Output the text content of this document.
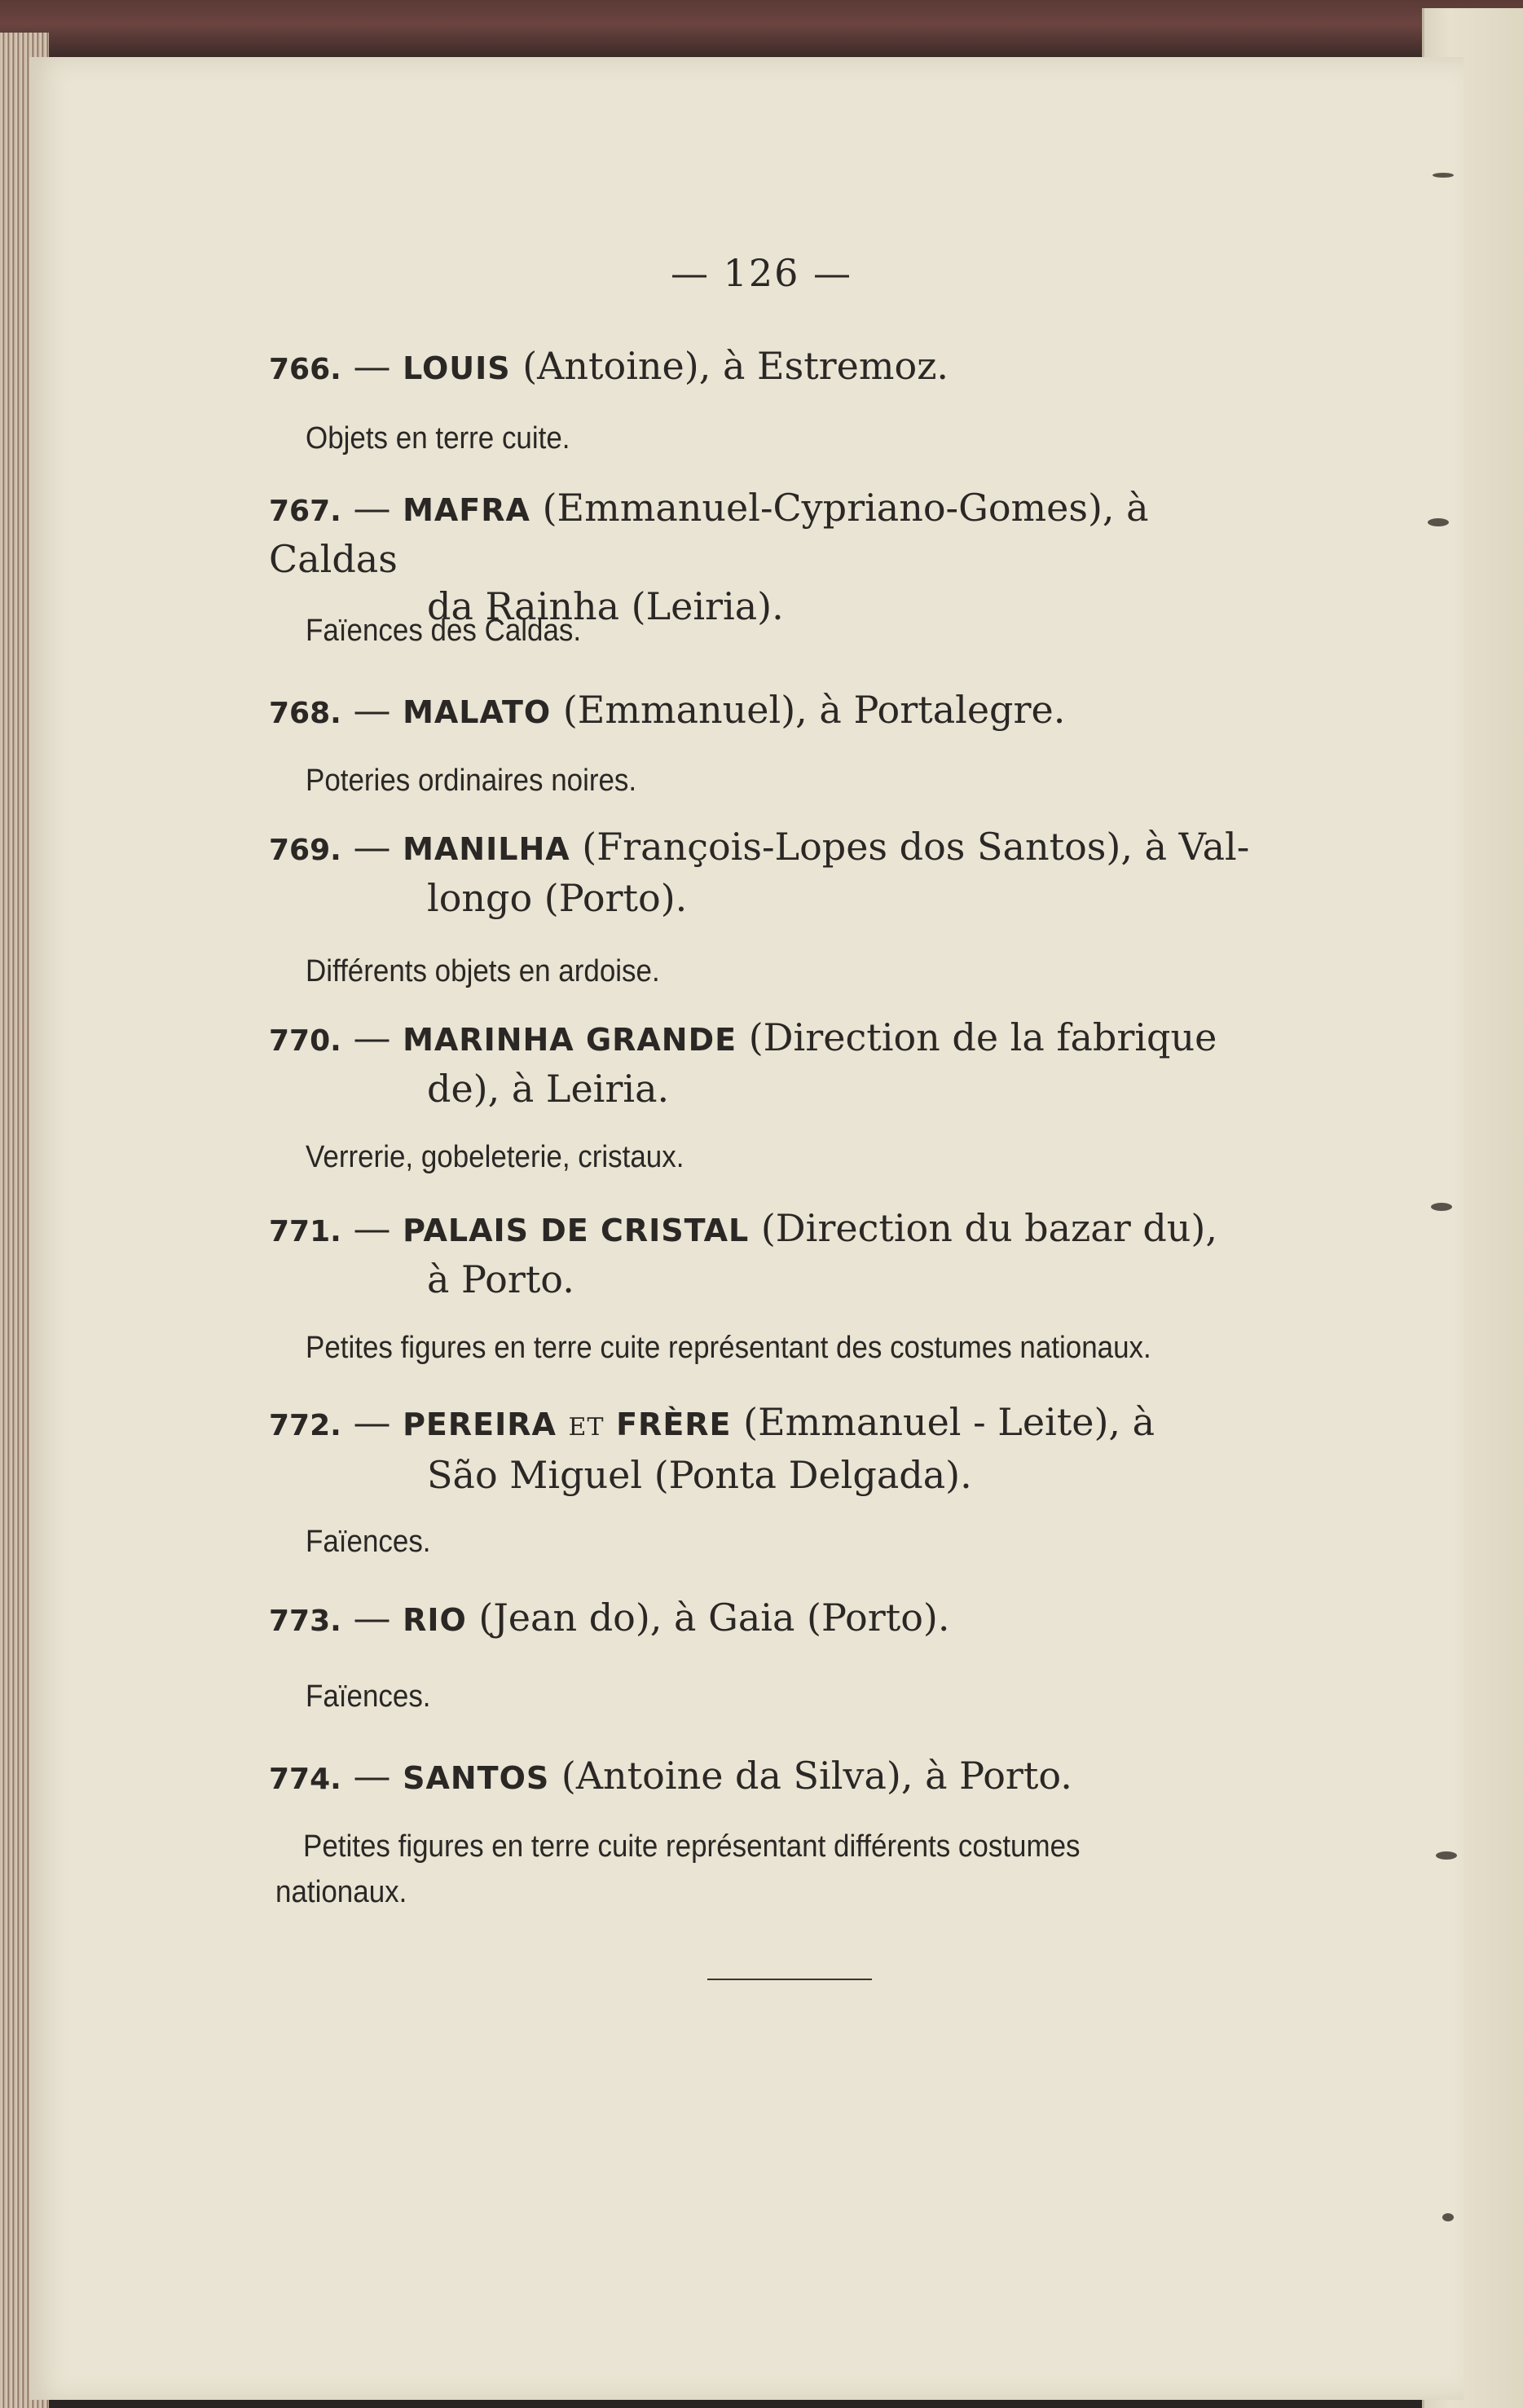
— 126 —
766. — LOUIS (Antoine), à Estremoz.
Objets en terre cuite.
767. — MAFRA (Emmanuel-Cypriano-Gomes), à Caldas
da Rainha (Leiria).
Faïences des Caldas.
768. — MALATO (Emmanuel), à Portalegre.
Poteries ordinaires noires.
769. — MANILHA (François-Lopes dos Santos), à Val-
longo (Porto).
Différents objets en ardoise.
770. — MARINHA GRANDE (Direction de la fabrique
de), à Leiria.
Verrerie, gobeleterie, cristaux.
771. — PALAIS DE CRISTAL (Direction du bazar du),
à Porto.
Petites figures en terre cuite représentant des costumes nationaux.
772. — PEREIRA ET FRÈRE (Emmanuel - Leite), à
São Miguel (Ponta Delgada).
Faïences.
773. — RIO (Jean do), à Gaia (Porto).
Faïences.
774. — SANTOS (Antoine da Silva), à Porto.
Petites figures en terre cuite représentant différents costumes
nationaux.
